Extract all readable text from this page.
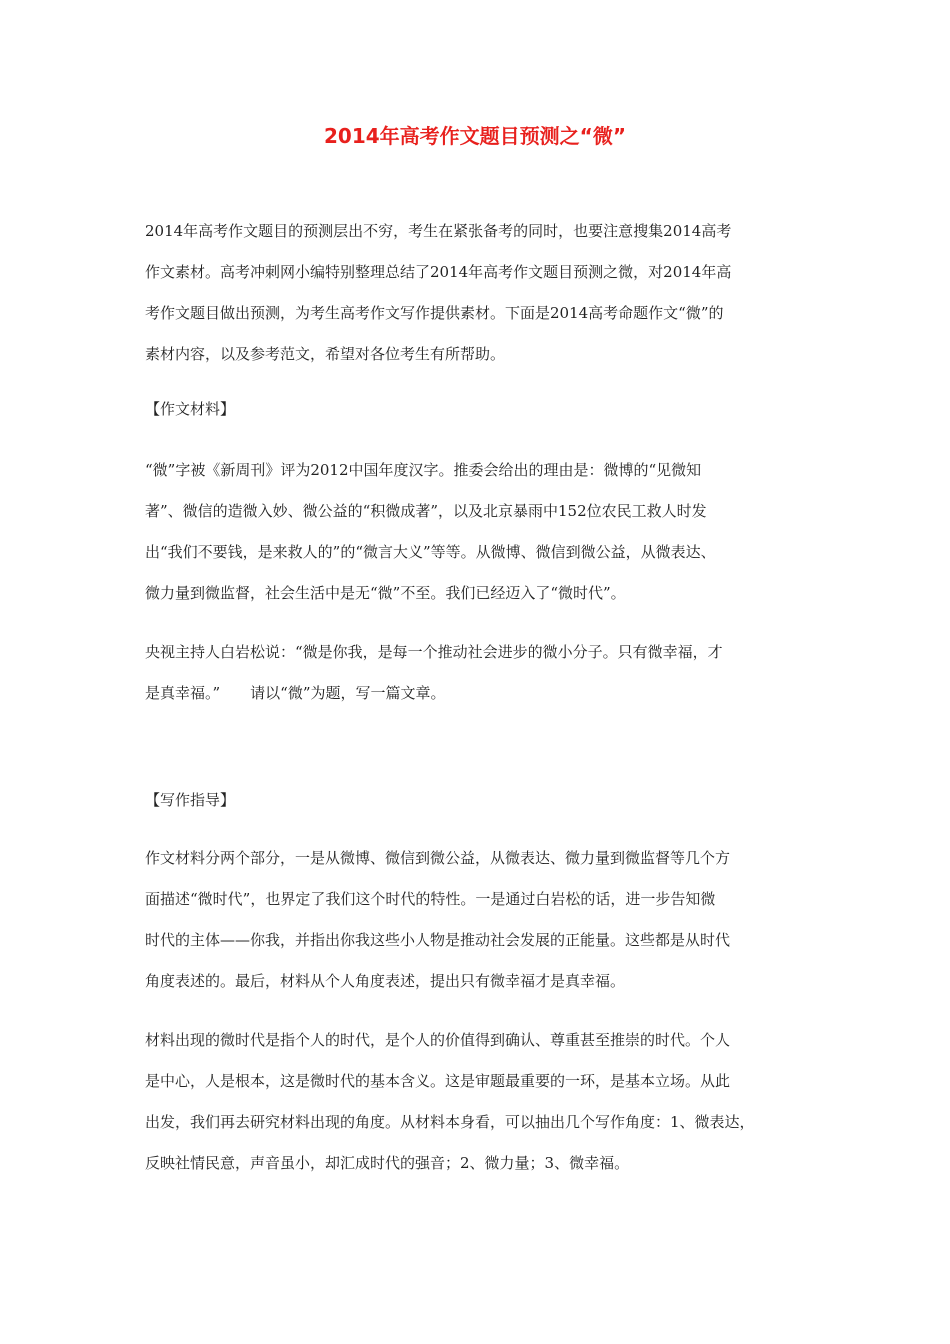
2014年高考作文题目预测之“微”
2014年高考作文题目的预测层出不穷，考生在紧张备考的同时，也要注意搜集2014高考
作文素材。高考冲刺网小编特别整理总结了2014年高考作文题目预测之微，对2014年高
考作文题目做出预测，为考生高考作文写作提供素材。下面是2014高考命题作文“微”的
素材内容，以及参考范文，希望对各位考生有所帮助。
【作文材料】
“微”字被《新周刊》评为2012中国年度汉字。推委会给出的理由是：微博的“见微知
著”、微信的造微入妙、微公益的“积微成著”，以及北京暴雨中152位农民工救人时发
出“我们不要钱，是来救人的”的“微言大义”等等。从微博、微信到微公益，从微表达、
微力量到微监督，社会生活中是无“微”不至。我们已经迈入了“微时代”。
央视主持人白岩松说：“微是你我，是每一个推动社会进步的微小分子。只有微幸福，才
是真幸福。”　　请以“微”为题，写一篇文章。
【写作指导】
作文材料分两个部分，一是从微博、微信到微公益，从微表达、微力量到微监督等几个方
面描述“微时代”，也界定了我们这个时代的特性。一是通过白岩松的话，进一步告知微
时代的主体——你我，并指出你我这些小人物是推动社会发展的正能量。这些都是从时代
角度表述的。最后，材料从个人角度表述，提出只有微幸福才是真幸福。
材料出现的微时代是指个人的时代，是个人的价值得到确认、尊重甚至推崇的时代。个人
是中心，人是根本，这是微时代的基本含义。这是审题最重要的一环，是基本立场。从此
出发，我们再去研究材料出现的角度。从材料本身看，可以抽出几个写作角度：1、微表达，
反映社情民意，声音虽小，却汇成时代的强音；2、微力量；3、微幸福。
